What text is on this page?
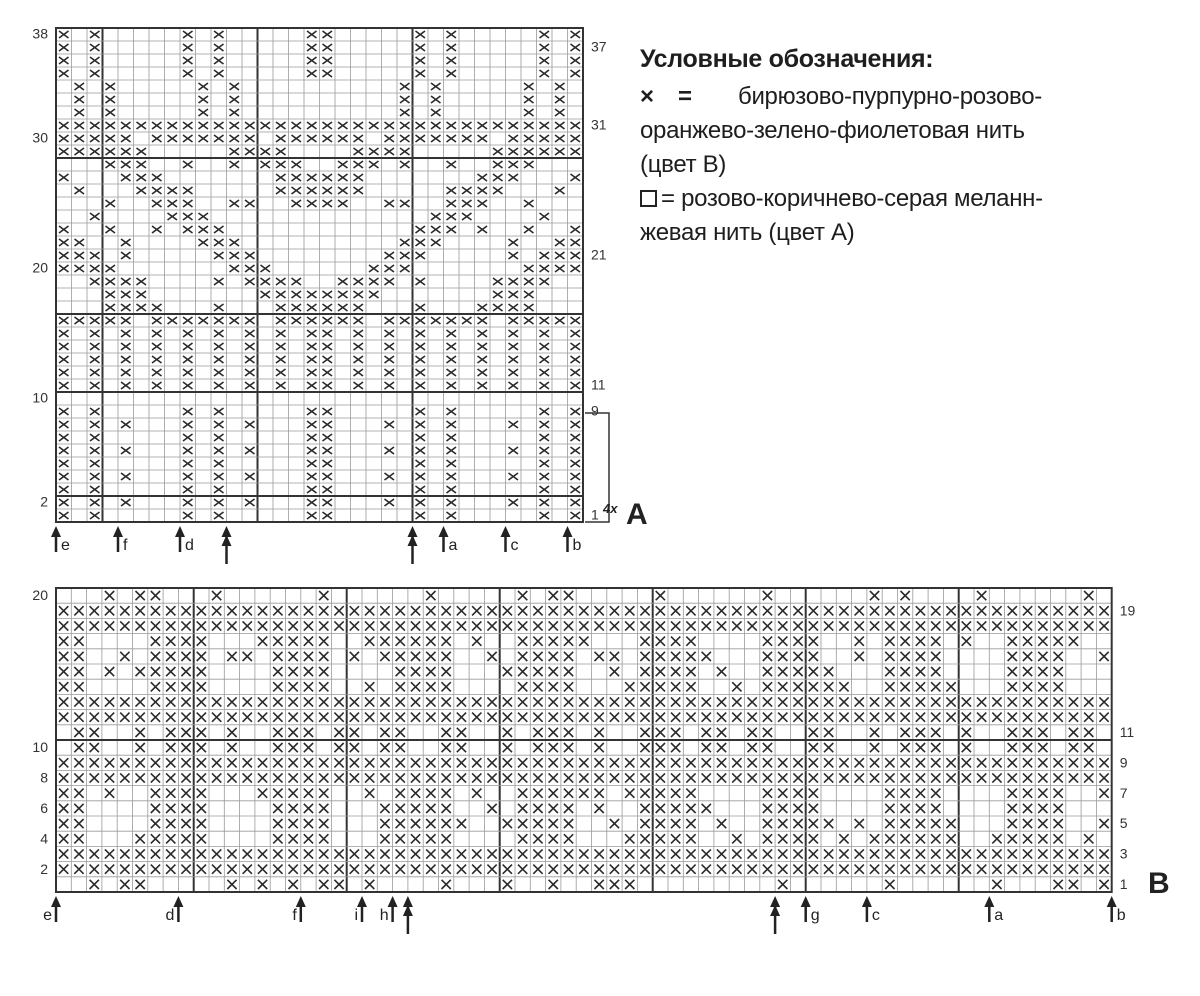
38
30
20
10
2
37
31
21
11
9
1
e	f	d	a	c	b
20
10
8
6
4
2
19
11
9
7
5
3
1
e	d	f	i h	g	c	a	b
A
4x
B
Условные обозначения:
× = бирюзово-пурпурно-розово-
оранжево-зелено-фиолетовая нить
(цвет В)
= розово-коричнево-серая меланн-
жевая нить (цвет А)
